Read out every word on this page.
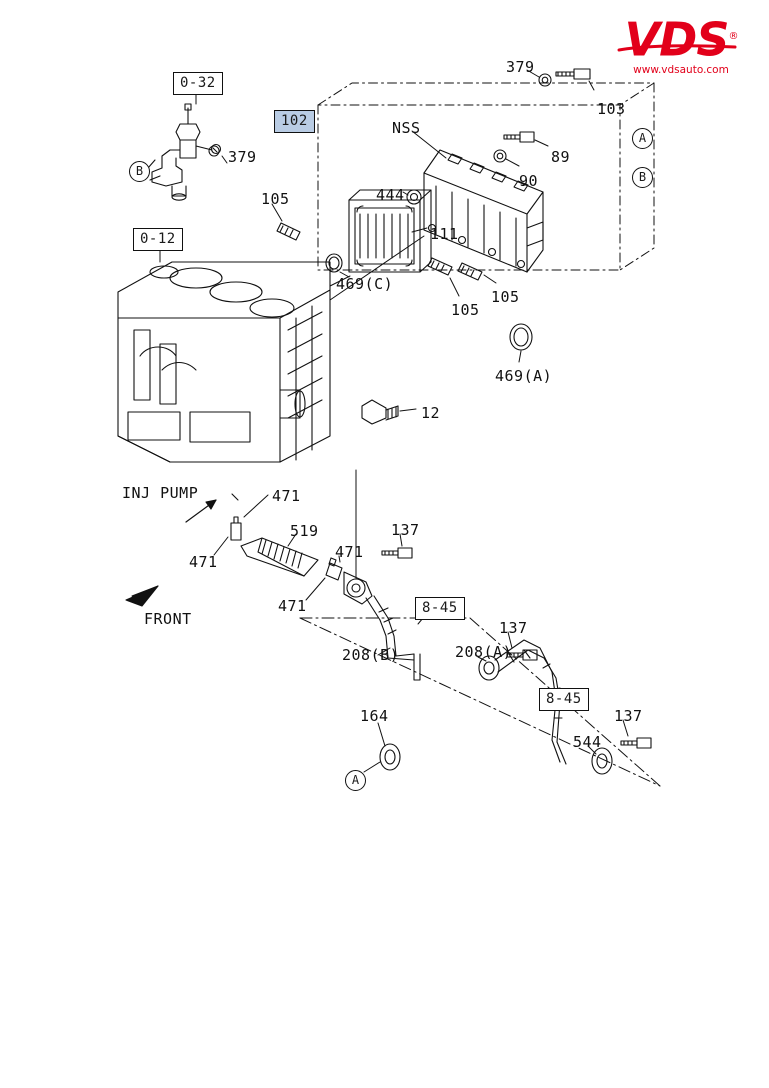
VDS®
www.vdsauto.com
0-32
102
0-12
8-45
8-45
379
103
NSS
89
90
379
444
105
111
469(C)
105
105
469(A)
12
INJ PUMP	471
471
519
471
471
137
208(B)	208(A)
137
137
164
544
FRONT
A
B
B
A
